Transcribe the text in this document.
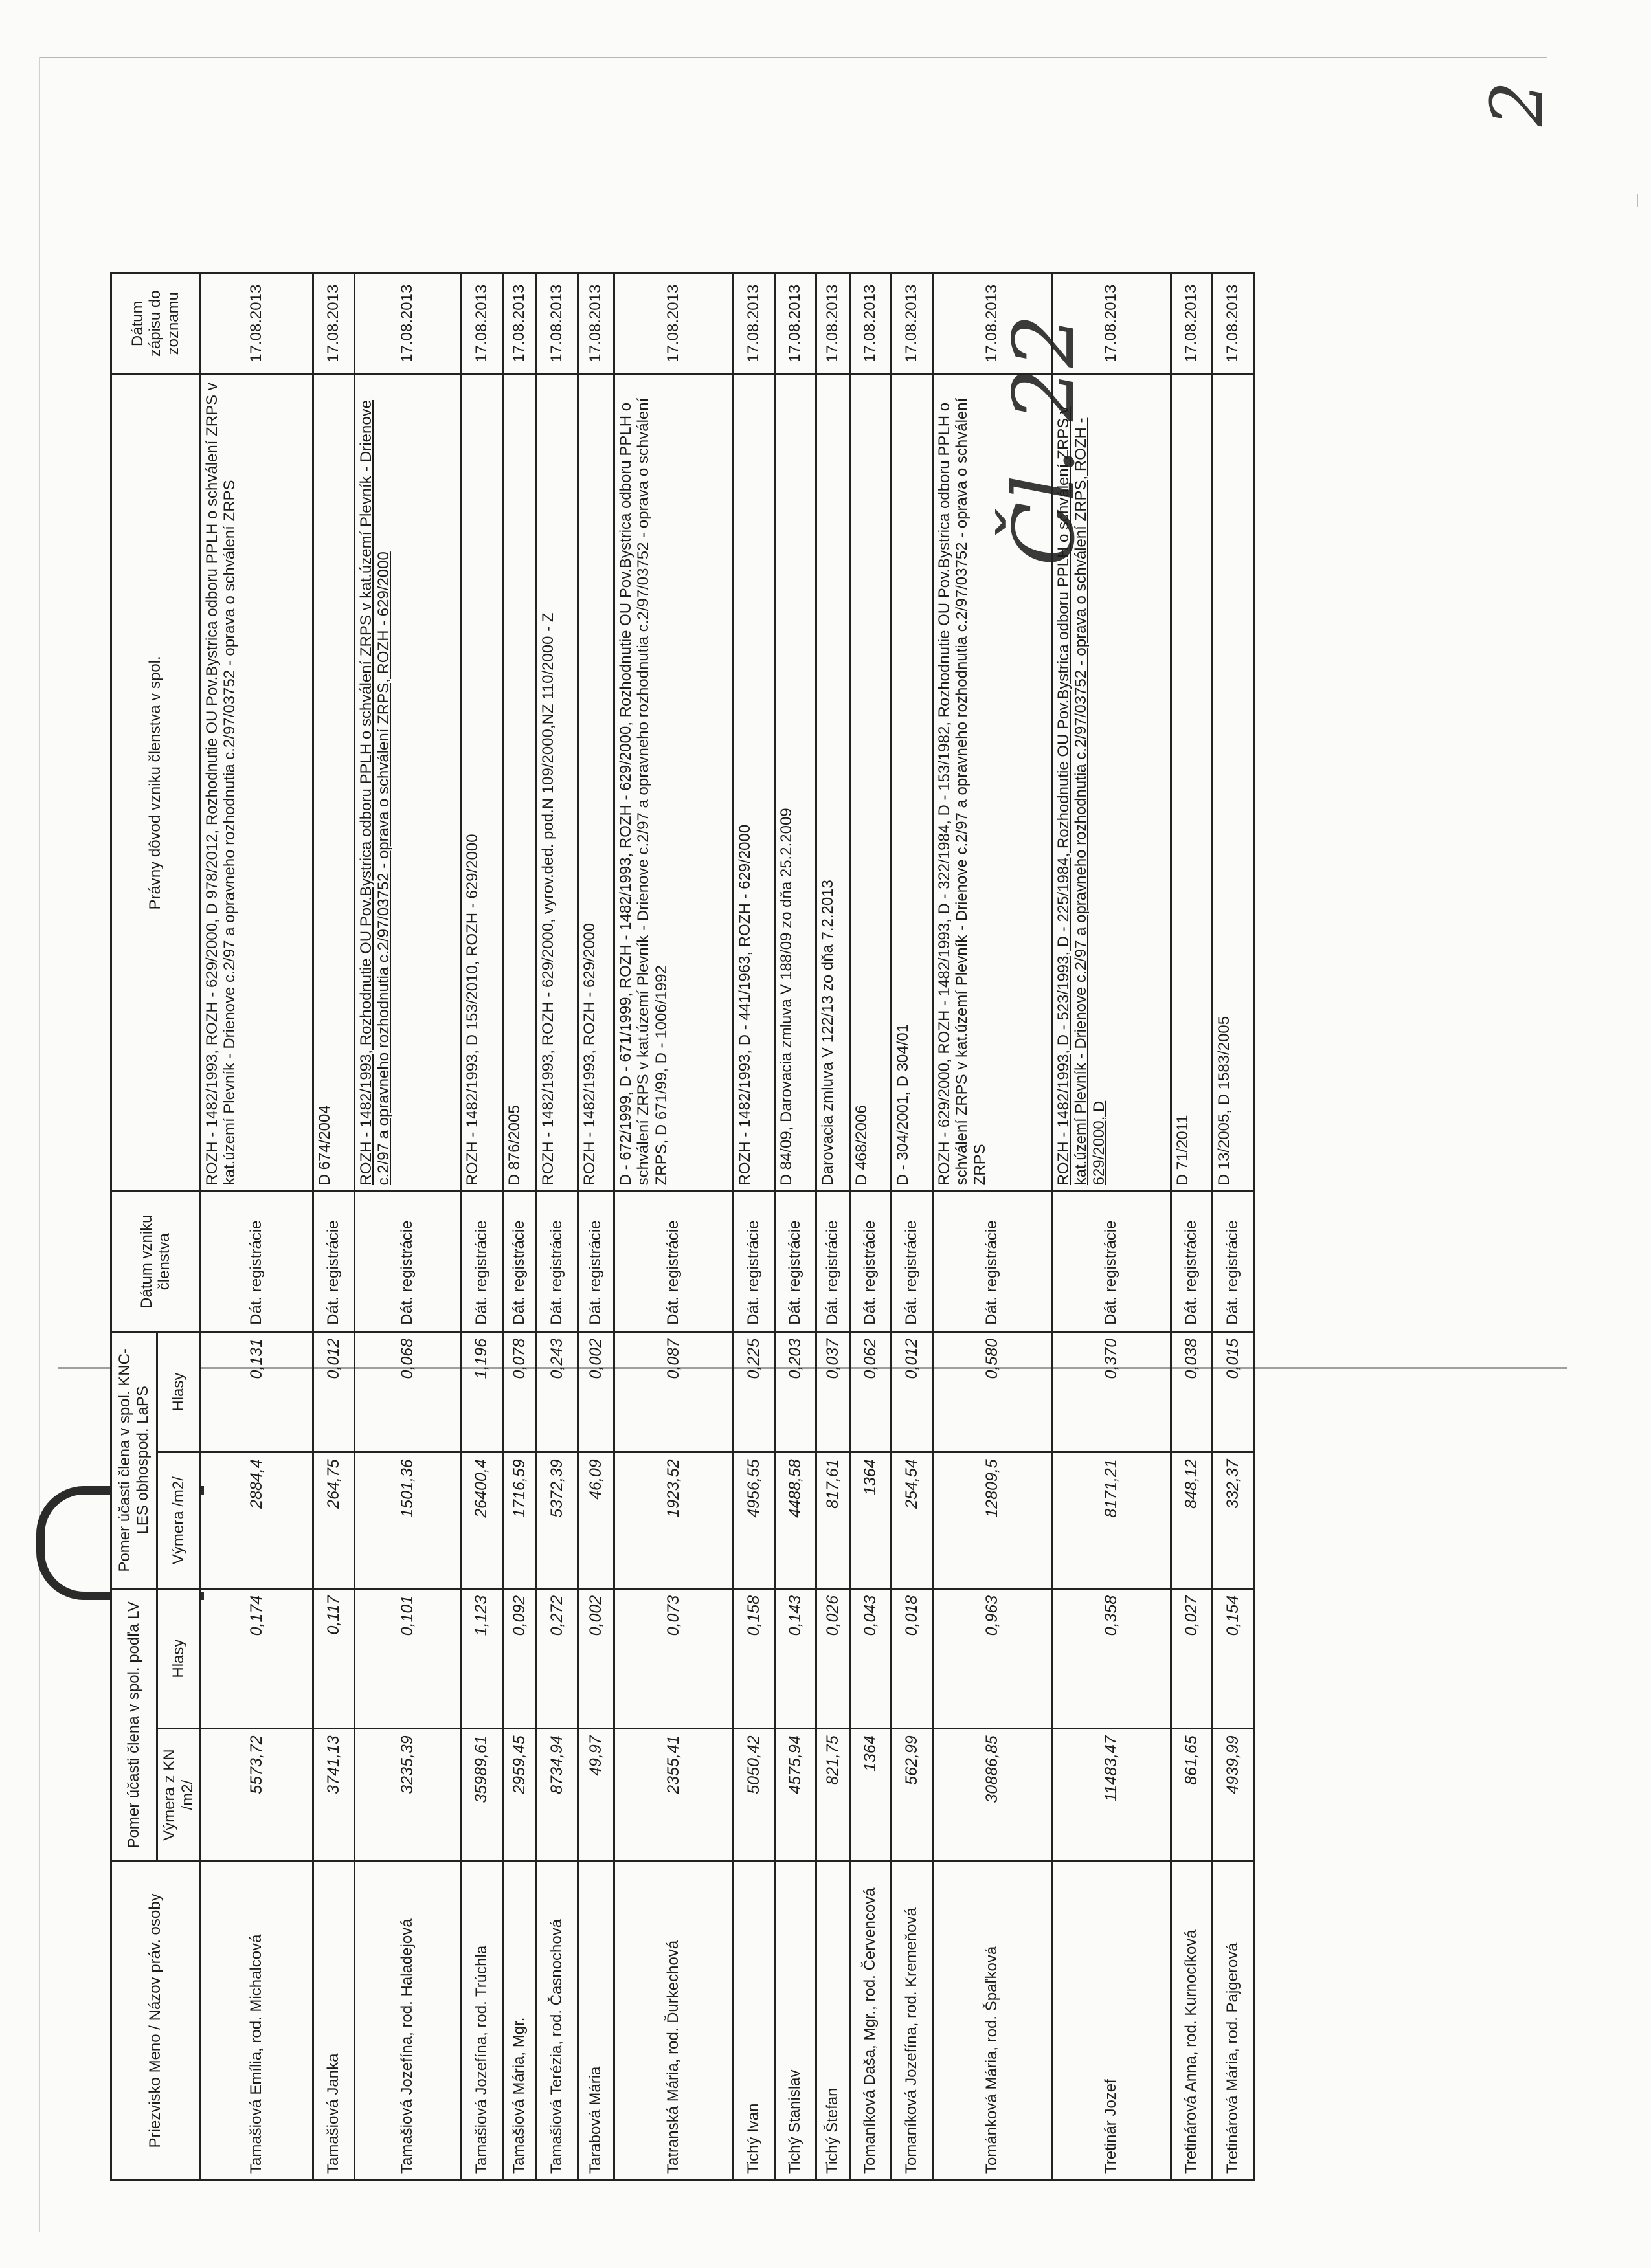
2
Čl. 22
Priezvisko Meno / Názov práv. osoby	Pomer účasti člena v spol. podľa LV		Pomer účasti člena v spol. KNC-LES obhospod. LaPS		Dátum vzniku členstva	Právny dôvod vzniku členstva v spol.	Dátum zápisu do zoznamu
	Výmera z KN /m2/	Hlasy	Výmera /m2/	Hlasy			
Tamašiová Emília, rod. Michalcová	5573,72	0,174	2884,4	0,131	Dát. registrácie	ROZH - 1482/1993, ROZH - 629/2000, D 978/2012, Rozhodnutie OU Pov.Bystrica odboru PPLH o schválení ZRPS v kat.území Plevník - Drienove c.2/97 a opravneho rozhodnutia c.2/97/03752 - oprava o schválení ZRPS	17.08.2013
Tamašiová Janka	3741,13	0,117	264,75	0,012	Dát. registrácie	D 674/2004	17.08.2013
Tamašiová Jozefína, rod. Haladejová	3235,39	0,101	1501,36	0,068	Dát. registrácie	ROZH - 1482/1993, Rozhodnutie OU Pov.Bystrica odboru PPLH o schválení ZRPS v kat.území Plevník - Drienove c.2/97 a opravneho rozhodnutia c.2/97/03752 - oprava o schválení ZRPS, ROZH - 629/2000	17.08.2013
Tamašiová Jozefína, rod. Trúchla	35989,61	1,123	26400,4	1,196	Dát. registrácie	ROZH - 1482/1993, D 153/2010, ROZH - 629/2000	17.08.2013
Tamašiová Mária, Mgr.	2959,45	0,092	1716,59	0,078	Dát. registrácie	D 876/2005	17.08.2013
Tamašiová Terézia, rod. Časnochová	8734,94	0,272	5372,39	0,243	Dát. registrácie	ROZH - 1482/1993, ROZH - 629/2000, vyrov.ded. pod.N 109/2000,NZ 110/2000 - Z	17.08.2013
Tarabová Mária	49,97	0,002	46,09	0,002	Dát. registrácie	ROZH - 1482/1993, ROZH - 629/2000	17.08.2013
Tatranská Mária, rod. Ďurkechová	2355,41	0,073	1923,52	0,087	Dát. registrácie	D - 672/1999, D - 671/1999, ROZH - 1482/1993, ROZH - 629/2000, Rozhodnutie OU Pov.Bystrica odboru PPLH o schválení ZRPS v kat.území Plevník - Drienove c.2/97 a opravneho rozhodnutia c.2/97/03752 - oprava o schválení ZRPS, D 671/99, D - 1006/1992	17.08.2013
Tichý Ivan	5050,42	0,158	4956,55	0,225	Dát. registrácie	ROZH - 1482/1993, D - 441/1963, ROZH - 629/2000	17.08.2013
Tichý Stanislav	4575,94	0,143	4488,58	0,203	Dát. registrácie	D 84/09, Darovacia zmluva V 188/09 zo dňa 25.2.2009	17.08.2013
Tichý Štefan	821,75	0,026	817,61	0,037	Dát. registrácie	Darovacia zmluva V 122/13 zo dňa 7.2.2013	17.08.2013
Tomaníková Daša, Mgr., rod. Červencová	1364	0,043	1364	0,062	Dát. registrácie	D 468/2006	17.08.2013
Tomaníková Jozefína, rod. Kremeňová	562,99	0,018	254,54	0,012	Dát. registrácie	D - 304/2001, D 304/01	17.08.2013
Tománková Mária, rod. Špaľková	30886,85	0,963	12809,5	0,580	Dát. registrácie	ROZH - 629/2000, ROZH - 1482/1993, D - 322/1984, D - 153/1982, Rozhodnutie OU Pov.Bystrica odboru PPLH o schválení ZRPS v kat.území Plevník - Drienove c.2/97 a opravneho rozhodnutia c.2/97/03752 - oprava o schválení ZRPS	17.08.2013
Tretinár Jozef	11483,47	0,358	8171,21	0,370	Dát. registrácie	ROZH - 1482/1993, D - 523/1993, D - 225/1984, Rozhodnutie OU Pov.Bystrica odboru PPLH o schválení ZRPS v kat.území Plevník - Drienove c.2/97 a opravneho rozhodnutia c.2/97/03752 - oprava o schválení ZRPS, ROZH - 629/2000, D	17.08.2013
Tretinárová Anna, rod. Kurnocíková	861,65	0,027	848,12	0,038	Dát. registrácie	D 71/2011	17.08.2013
Tretinárová Mária, rod. Pajgerová	4939,99	0,154	332,37	0,015	Dát. registrácie	D 13/2005, D 1583/2005	17.08.2013
